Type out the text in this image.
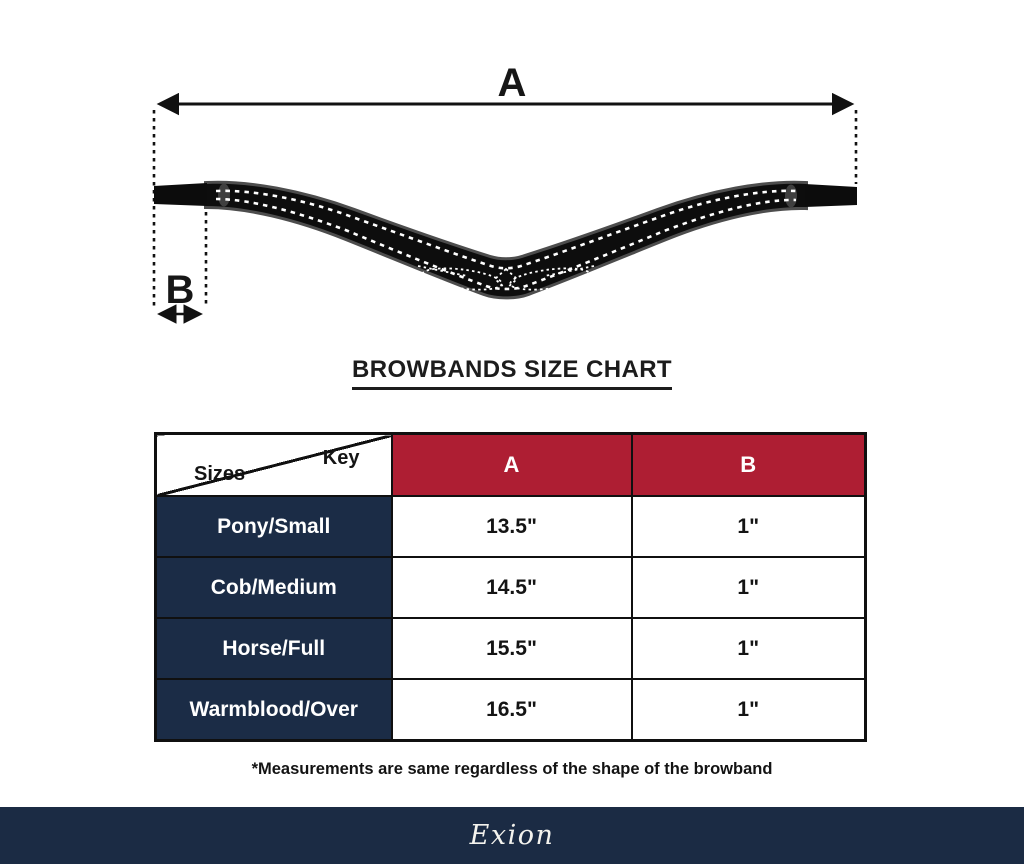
A
B
BROWBANDS SIZE CHART
Key
Sizes	A	B
Pony/Small	13.5"	1"
Cob/Medium	14.5"	1"
Horse/Full	15.5"	1"
Warmblood/Over	16.5"	1"

*Measurements are same regardless of the shape of the browband

Exion
